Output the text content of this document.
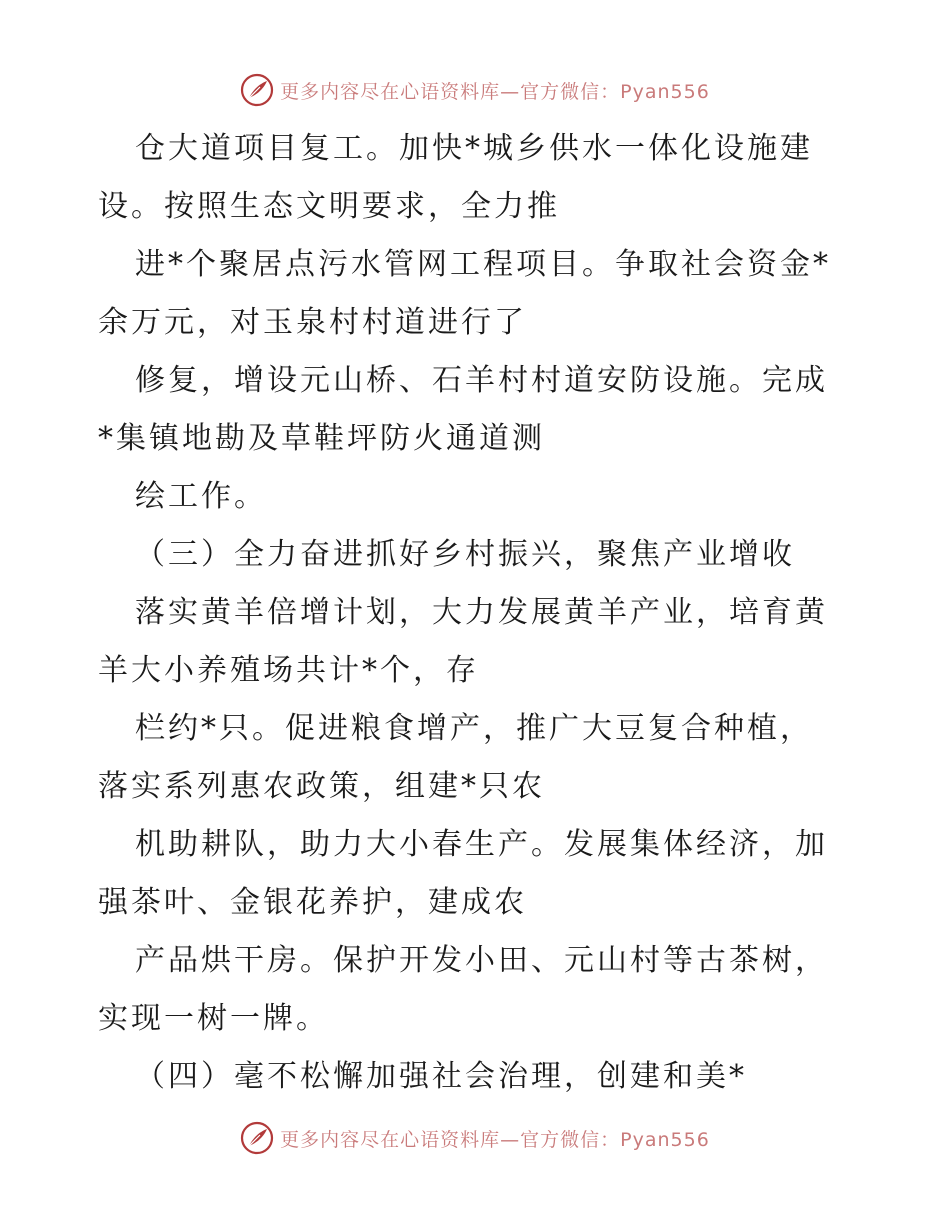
更多内容尽在心语资料库—官方微信：Pyan556
仓大道项目复工。加快*城乡供水一体化设施建
设。按照生态文明要求，全力推
进*个聚居点污水管网工程项目。争取社会资金*
余万元，对玉泉村村道进行了
修复，增设元山桥、石羊村村道安防设施。完成
*集镇地勘及草鞋坪防火通道测
绘工作。
（三）全力奋进抓好乡村振兴，聚焦产业增收
落实黄羊倍增计划，大力发展黄羊产业，培育黄
羊大小养殖场共计*个，存
栏约*只。促进粮食增产，推广大豆复合种植，
落实系列惠农政策，组建*只农
机助耕队，助力大小春生产。发展集体经济，加
强茶叶、金银花养护，建成农
产品烘干房。保护开发小田、元山村等古茶树，
实现一树一牌。
（四）毫不松懈加强社会治理，创建和美*
更多内容尽在心语资料库—官方微信：Pyan556
